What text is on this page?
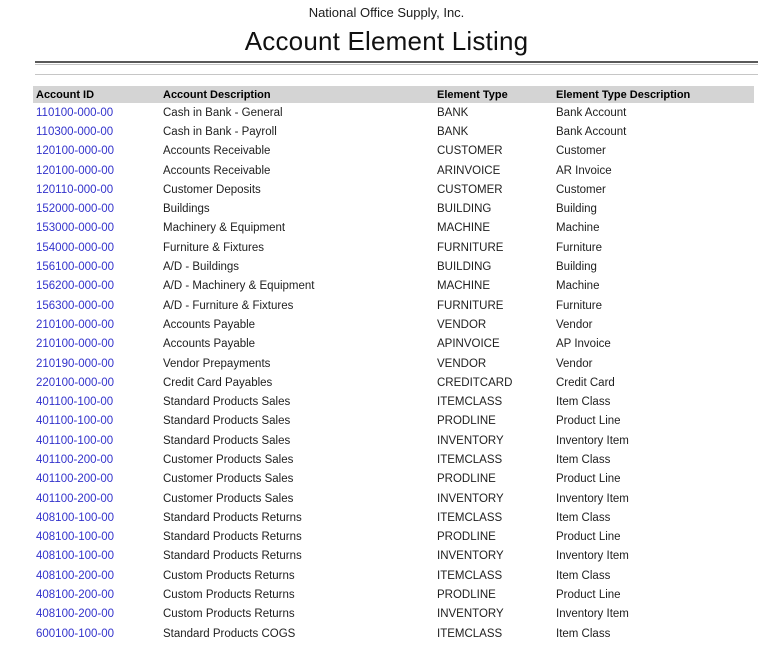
National Office Supply, Inc.
Account Element Listing
Account ID	Account Description	Element Type	Element Type Description
110100-000-00	Cash in Bank - General	BANK	Bank Account
110300-000-00	Cash in Bank - Payroll	BANK	Bank Account
120100-000-00	Accounts Receivable	CUSTOMER	Customer
120100-000-00	Accounts Receivable	ARINVOICE	AR Invoice
120110-000-00	Customer Deposits	CUSTOMER	Customer
152000-000-00	Buildings	BUILDING	Building
153000-000-00	Machinery & Equipment	MACHINE	Machine
154000-000-00	Furniture & Fixtures	FURNITURE	Furniture
156100-000-00	A/D - Buildings	BUILDING	Building
156200-000-00	A/D - Machinery & Equipment	MACHINE	Machine
156300-000-00	A/D - Furniture & Fixtures	FURNITURE	Furniture
210100-000-00	Accounts Payable	VENDOR	Vendor
210100-000-00	Accounts Payable	APINVOICE	AP Invoice
210190-000-00	Vendor Prepayments	VENDOR	Vendor
220100-000-00	Credit Card Payables	CREDITCARD	Credit Card
401100-100-00	Standard Products Sales	ITEMCLASS	Item Class
401100-100-00	Standard Products Sales	PRODLINE	Product Line
401100-100-00	Standard Products Sales	INVENTORY	Inventory Item
401100-200-00	Customer Products Sales	ITEMCLASS	Item Class
401100-200-00	Customer Products Sales	PRODLINE	Product Line
401100-200-00	Customer Products Sales	INVENTORY	Inventory Item
408100-100-00	Standard Products Returns	ITEMCLASS	Item Class
408100-100-00	Standard Products Returns	PRODLINE	Product Line
408100-100-00	Standard Products Returns	INVENTORY	Inventory Item
408100-200-00	Custom Products Returns	ITEMCLASS	Item Class
408100-200-00	Custom Products Returns	PRODLINE	Product Line
408100-200-00	Custom Products Returns	INVENTORY	Inventory Item
600100-100-00	Standard Products COGS	ITEMCLASS	Item Class
